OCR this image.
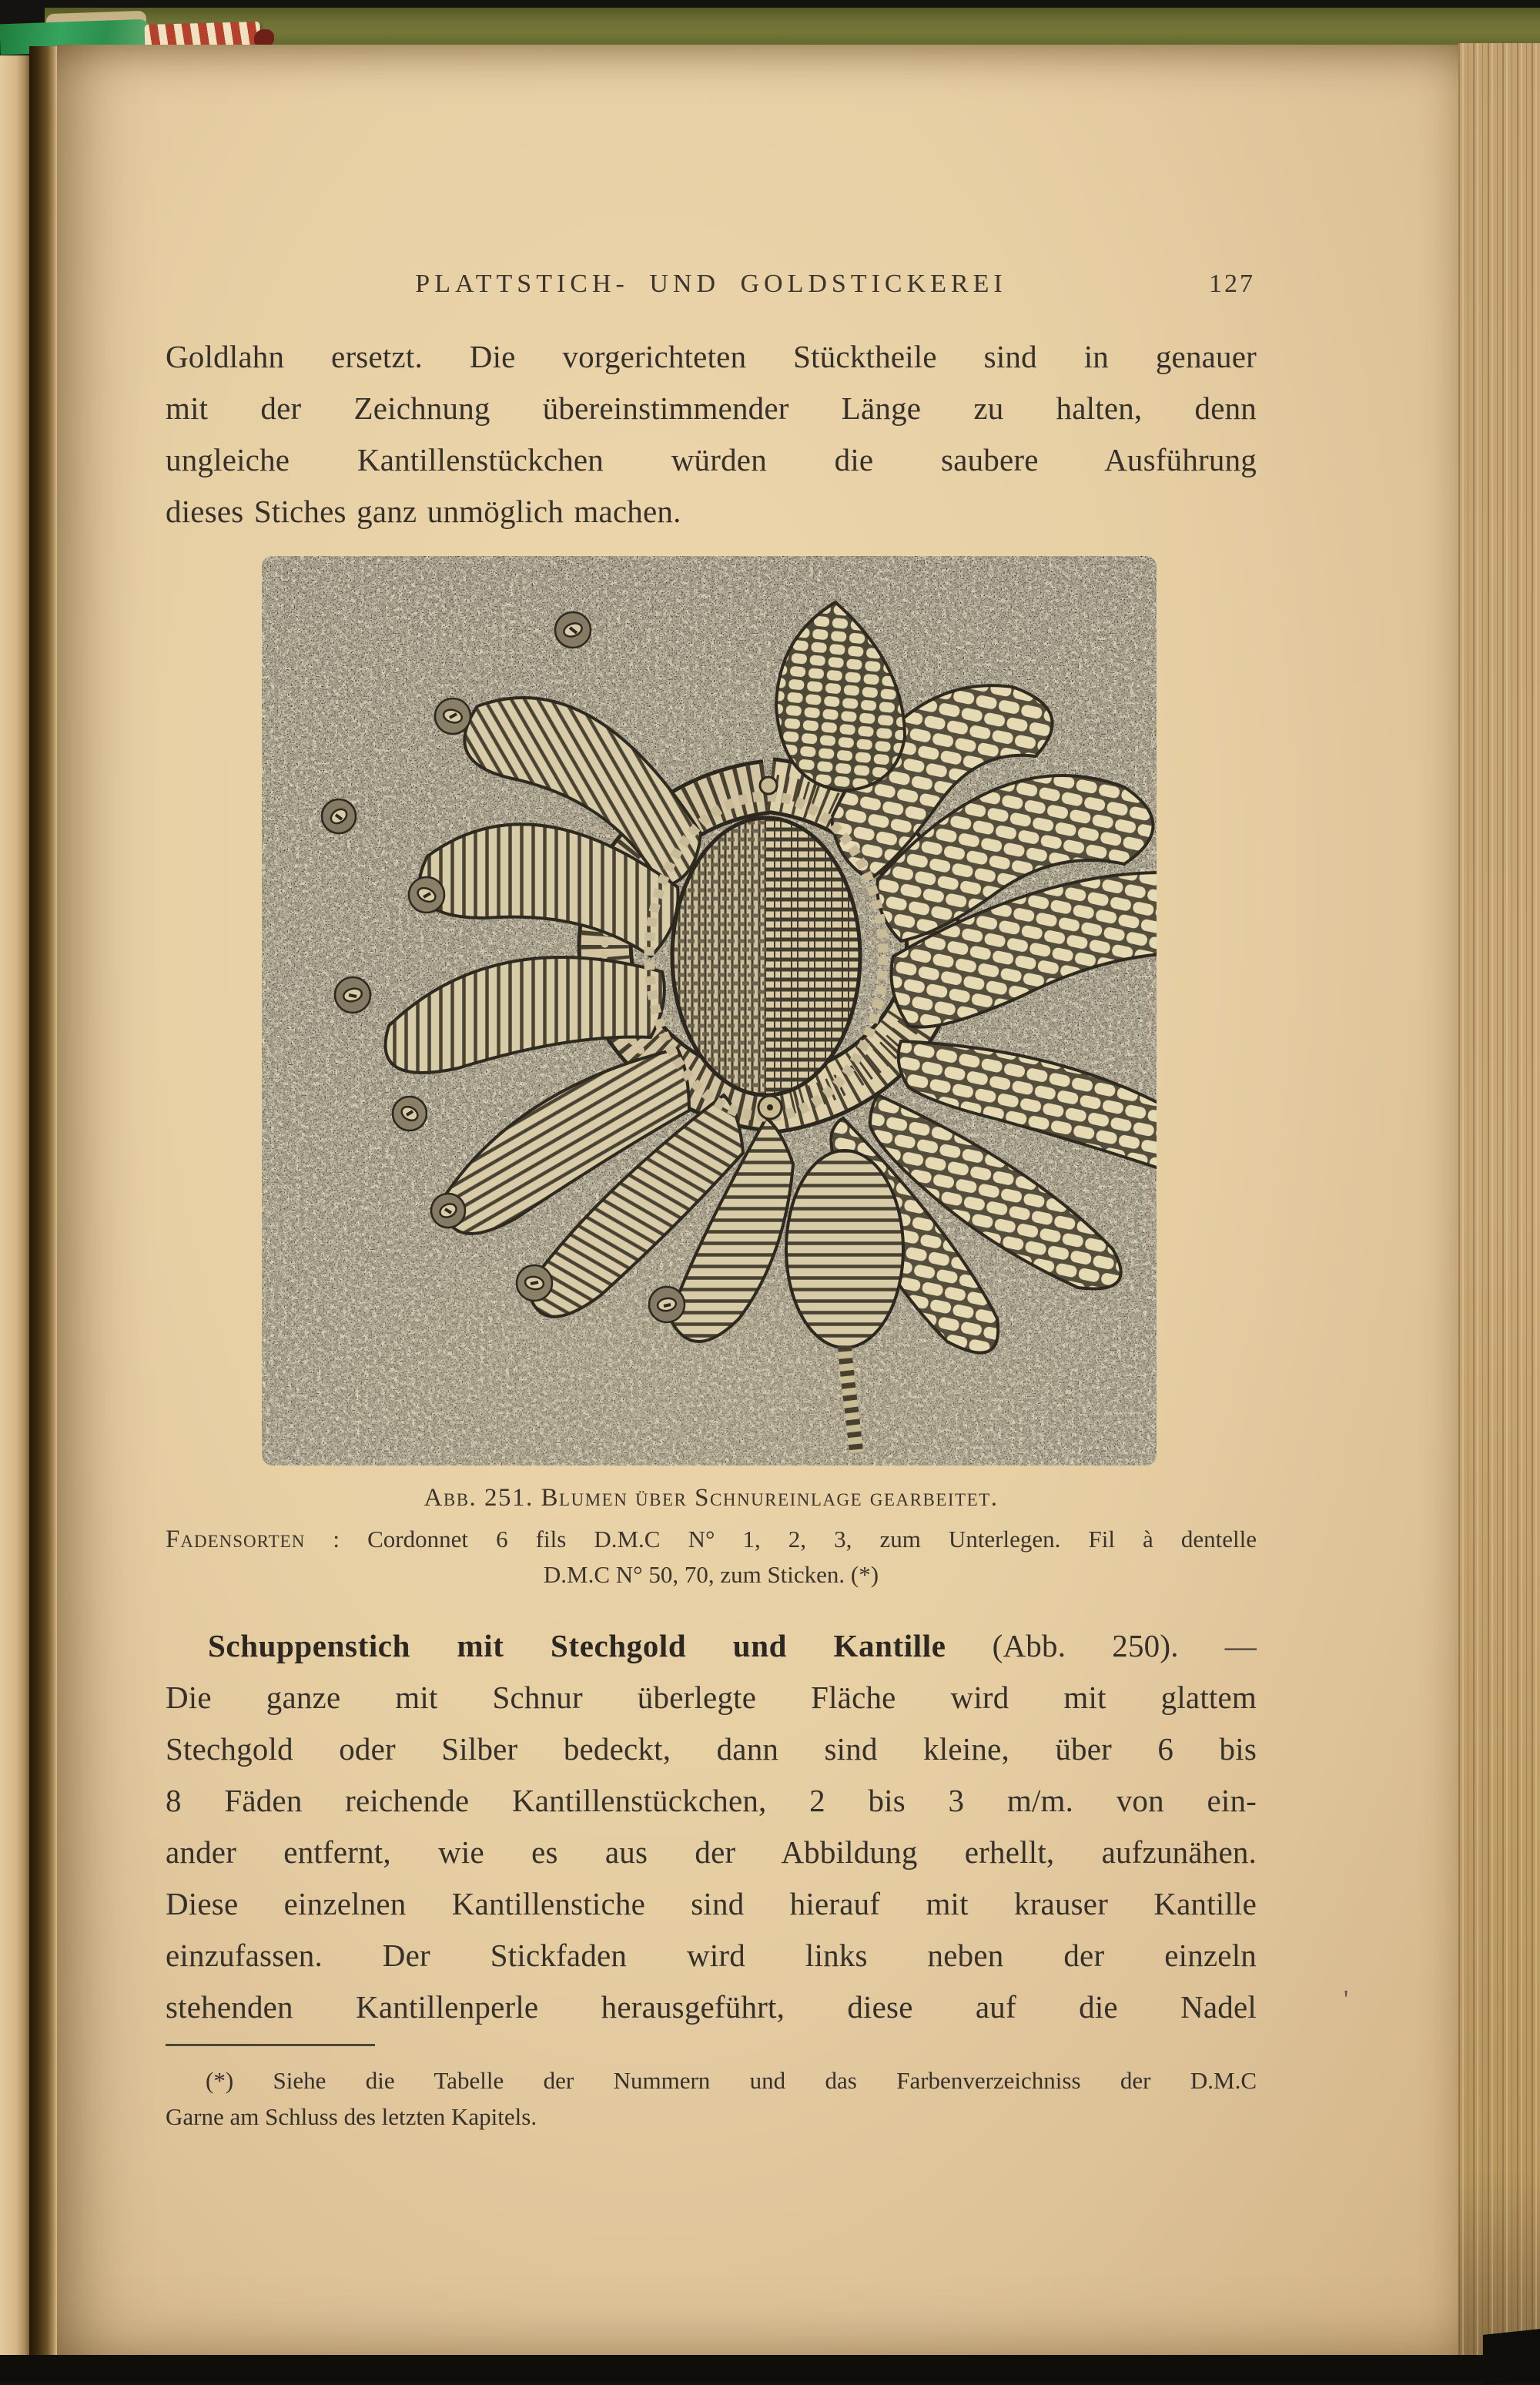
PLATTSTICH- UND GOLDSTICKEREI	127
Goldlahn ersetzt. Die vorgerichteten Stücktheile sind in genauer
mit der Zeichnung übereinstimmender Länge zu halten, denn
ungleiche Kantillenstückchen würden die saubere Ausführung
dieses Stiches ganz unmöglich machen.
Abb. 251. Blumen über Schnureinlage gearbeitet.
Fadensorten : Cordonnet 6 fils D.M.C N° 1, 2, 3, zum Unterlegen. Fil à dentelle
D.M.C N° 50, 70, zum Sticken. (*)
Schuppenstich mit Stechgold und Kantille (Abb. 250). —
Die ganze mit Schnur überlegte Fläche wird mit glattem
Stechgold oder Silber bedeckt, dann sind kleine, über 6 bis
8 Fäden reichende Kantillenstückchen, 2 bis 3 m/m. von ein-
ander entfernt, wie es aus der Abbildung erhellt, aufzunähen.
Diese einzelnen Kantillenstiche sind hierauf mit krauser Kantille
einzufassen. Der Stickfaden wird links neben der einzeln
stehenden Kantillenperle herausgeführt, diese auf die Nadel
(*) Siehe die Tabelle der Nummern und das Farbenverzeichniss der D.M.C
Garne am Schluss des letzten Kapitels.
'
